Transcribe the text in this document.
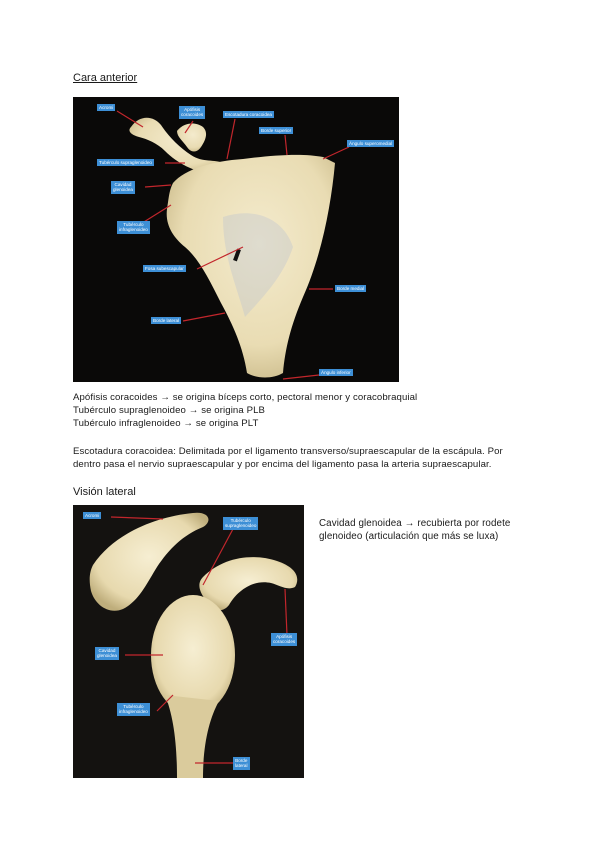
Cara anterior
Acromi	Apófisis
coracoides	Escotadura coracoidea
Borde superior
Ángulo superomedial
Tubérculo supraglenoideo
Cavidad
glenoidea
Tubérculo
infraglenoideo
Fosa subescapular
Borde medial
Borde lateral
Ángulo inferior
Apófisis coracoides → se origina bíceps corto, pectoral menor y coracobraquial
Tubérculo supraglenoideo → se origina PLB
Tubérculo infraglenoideo → se origina PLT
Escotadura coracoidea: Delimitada por el ligamento transverso/supraescapular de la escápula. Por dentro pasa el nervio supraescapular y por encima del ligamento pasa la arteria supraescapular.
Visión lateral
Acromi
Tubérculo
supraglenoideo
Apófisis
coracoides
Cavidad
glenoidea
Tubérculo
infraglenoideo
Borde
lateral
Cavidad glenoidea → recubierta por rodete glenoideo (articulación que más se luxa)
